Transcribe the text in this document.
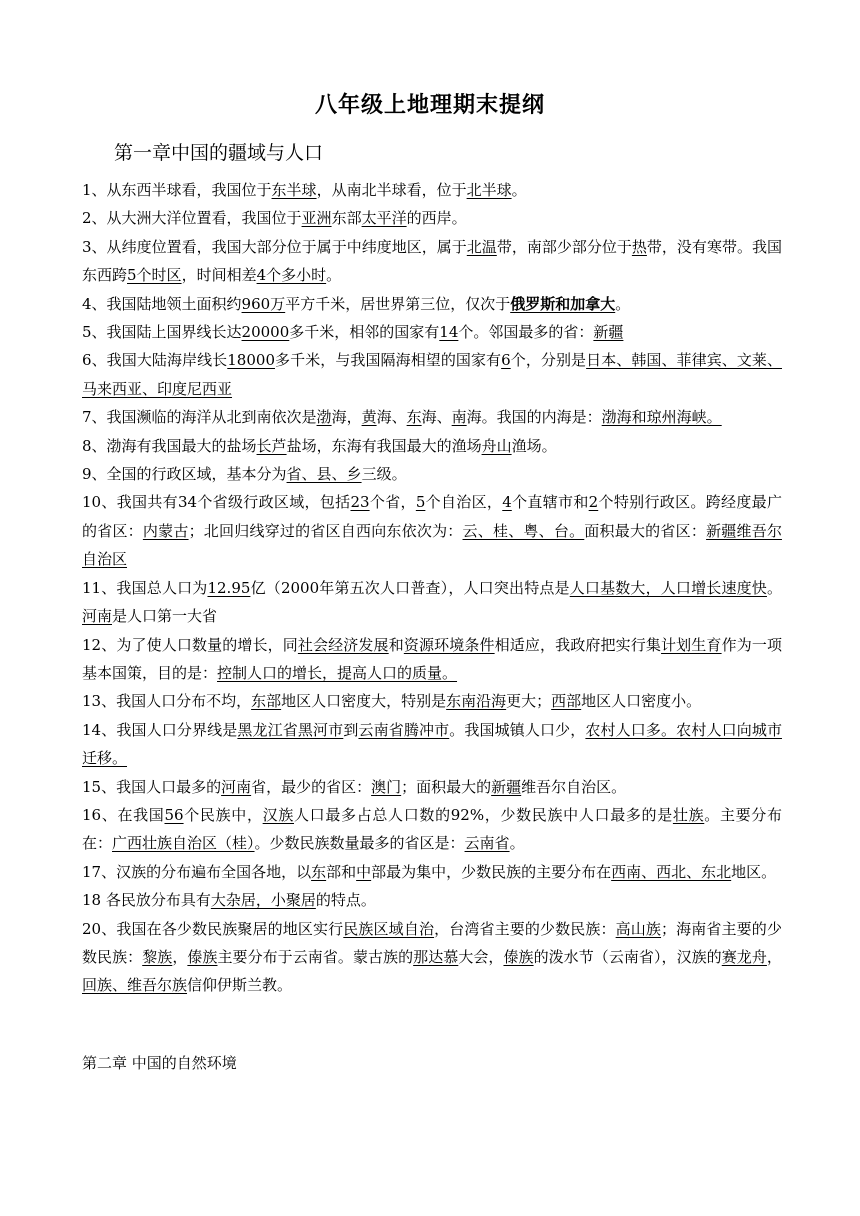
八年级上地理期末提纲
第一章中国的疆域与人口

1、从东西半球看，我国位于东半球，从南北半球看，位于北半球。

2、从大洲大洋位置看，我国位于亚洲东部太平洋的西岸。

3、从纬度位置看，我国大部分位于属于中纬度地区，属于北温带，南部少部分位于热带，没有寒带。我国东西跨5个时区，时间相差4个多小时。

4、我国陆地领土面积约960万平方千米，居世界第三位，仅次于俄罗斯和加拿大。

5、我国陆上国界线长达20000多千米，相邻的国家有14个。邻国最多的省：新疆

6、我国大陆海岸线长18000多千米，与我国隔海相望的国家有6个，分别是日本、韩国、菲律宾、文莱、马来西亚、印度尼西亚

7、我国濒临的海洋从北到南依次是渤海，黄海、东海、南海。我国的内海是：渤海和琼州海峡。

8、渤海有我国最大的盐场长芦盐场，东海有我国最大的渔场舟山渔场。

9、全国的行政区域，基本分为省、县、乡三级。

10、我国共有34个省级行政区域，包括23个省，5个自治区，4个直辖市和2个特别行政区。跨经度最广的省区：内蒙古；北回归线穿过的省区自西向东依次为：云、桂、粤、台。面积最大的省区：新疆维吾尔自治区

11、我国总人口为12.95亿（2000年第五次人口普查），人口突出特点是人口基数大，人口增长速度快。河南是人口第一大省

12、为了使人口数量的增长，同社会经济发展和资源环境条件相适应，我政府把实行集计划生育作为一项基本国策，目的是：控制人口的增长，提高人口的质量。

13、我国人口分布不均，东部地区人口密度大，特别是东南沿海更大；西部地区人口密度小。

14、我国人口分界线是黑龙江省黑河市到云南省腾冲市。我国城镇人口少，农村人口多。农村人口向城市迁移。

15、我国人口最多的河南省，最少的省区：澳门；面积最大的新疆维吾尔自治区。

16、在我国56个民族中，汉族人口最多占总人口数的92%，少数民族中人口最多的是壮族。主要分布在：广西壮族自治区（桂）。少数民族数量最多的省区是：云南省。

17、汉族的分布遍布全国各地，以东部和中部最为集中，少数民族的主要分布在西南、西北、东北地区。

18 各民放分布具有大杂居，小聚居的特点。

20、我国在各少数民族聚居的地区实行民族区域自治，台湾省主要的少数民族：高山族；海南省主要的少数民族：黎族，傣族主要分布于云南省。蒙古族的那达慕大会，傣族的泼水节（云南省），汉族的赛龙舟，回族、维吾尔族信仰伊斯兰教。

第二章 中国的自然环境
